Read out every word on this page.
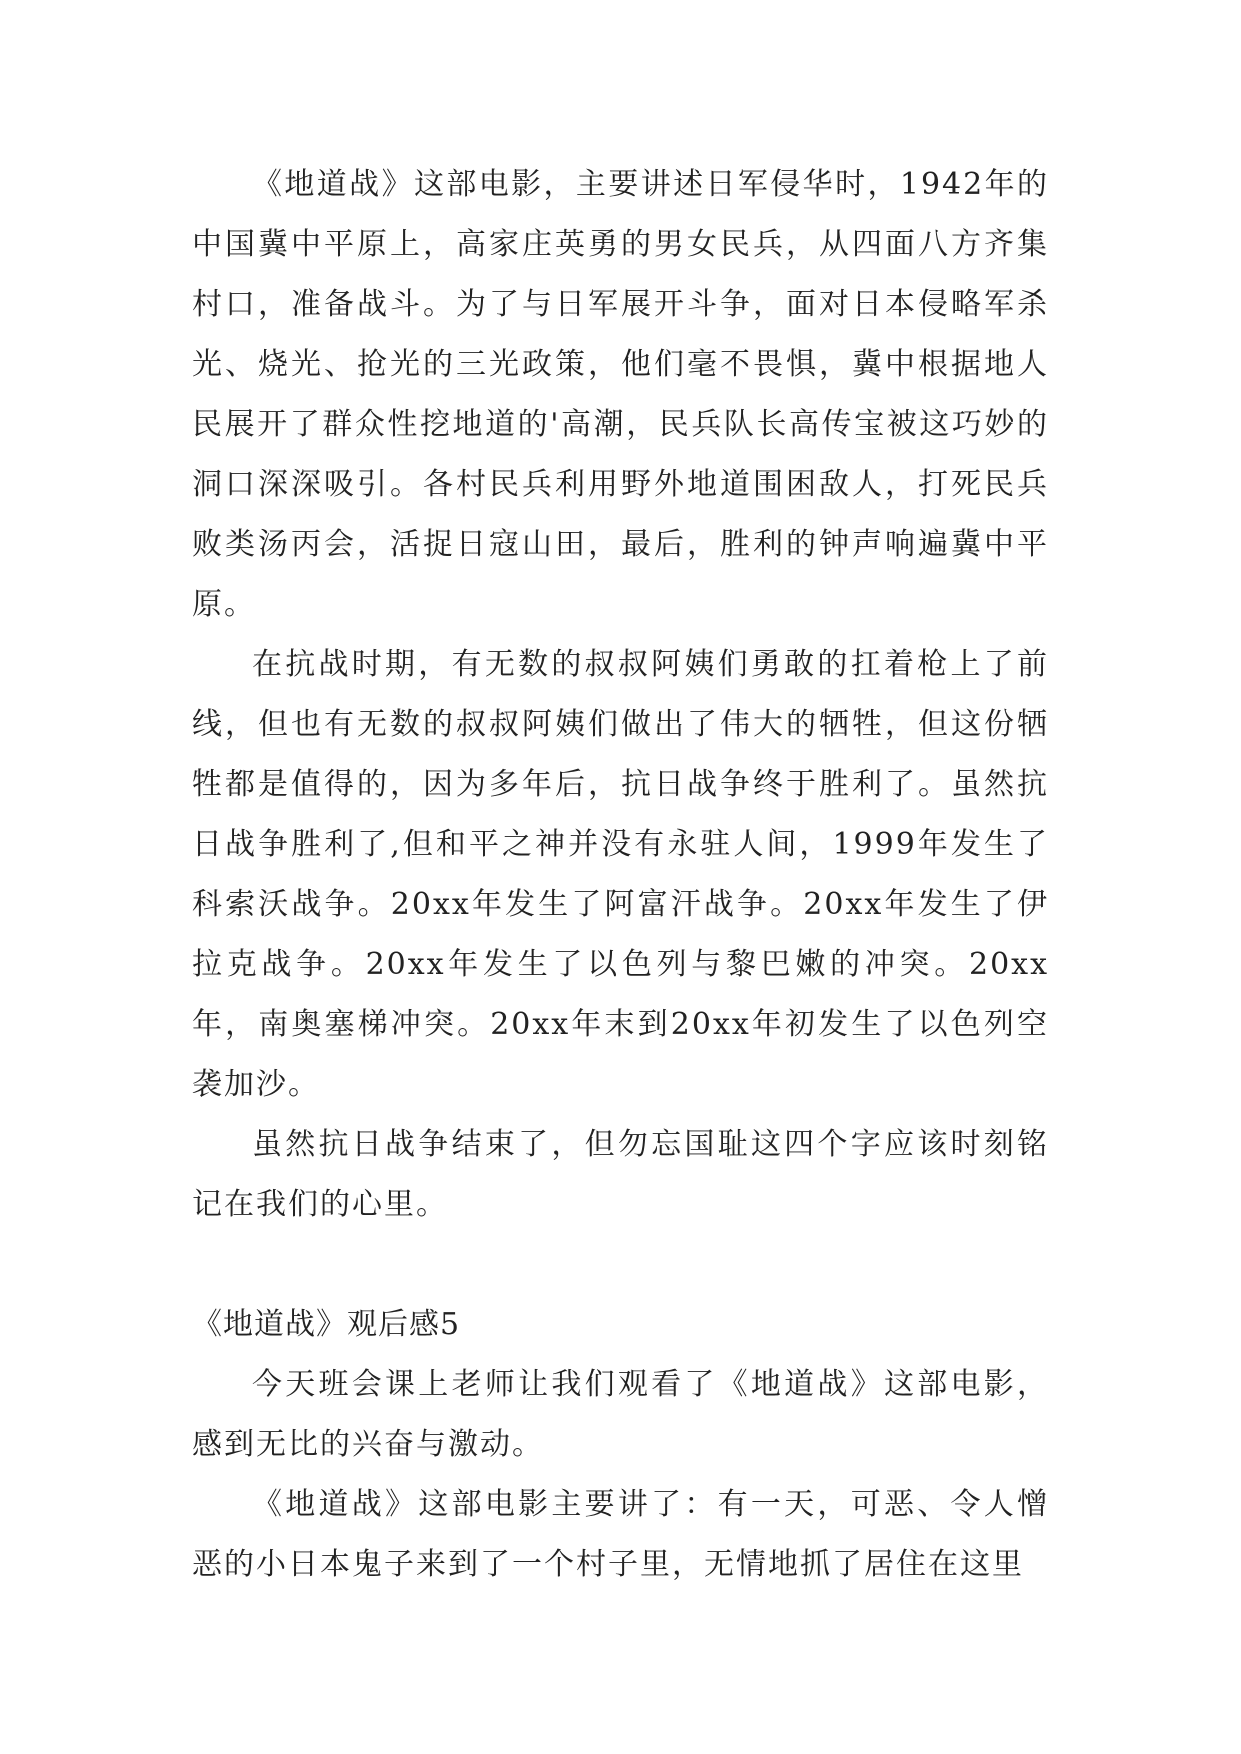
《地道战》这部电影，主要讲述日军侵华时，1942年的中国冀中平原上，高家庄英勇的男女民兵，从四面八方齐集村口，准备战斗。为了与日军展开斗争，面对日本侵略军杀光、烧光、抢光的三光政策，他们毫不畏惧，冀中根据地人民展开了群众性挖地道的'高潮，民兵队长高传宝被这巧妙的洞口深深吸引。各村民兵利用野外地道围困敌人，打死民兵败类汤丙会，活捉日寇山田，最后，胜利的钟声响遍冀中平原。

在抗战时期，有无数的叔叔阿姨们勇敢的扛着枪上了前线，但也有无数的叔叔阿姨们做出了伟大的牺牲，但这份牺牲都是值得的，因为多年后，抗日战争终于胜利了。虽然抗日战争胜利了,但和平之神并没有永驻人间，1999年发生了科索沃战争。20xx年发生了阿富汗战争。20xx年发生了伊拉克战争。20xx年发生了以色列与黎巴嫩的冲突。20xx年，南奥塞梯冲突。20xx年末到20xx年初发生了以色列空袭加沙。

虽然抗日战争结束了，但勿忘国耻这四个字应该时刻铭记在我们的心里。

《地道战》观后感5

今天班会课上老师让我们观看了《地道战》这部电影，感到无比的兴奋与激动。

《地道战》这部电影主要讲了：有一天，可恶、令人憎恶的小日本鬼子来到了一个村子里，无情地抓了居住在这里
